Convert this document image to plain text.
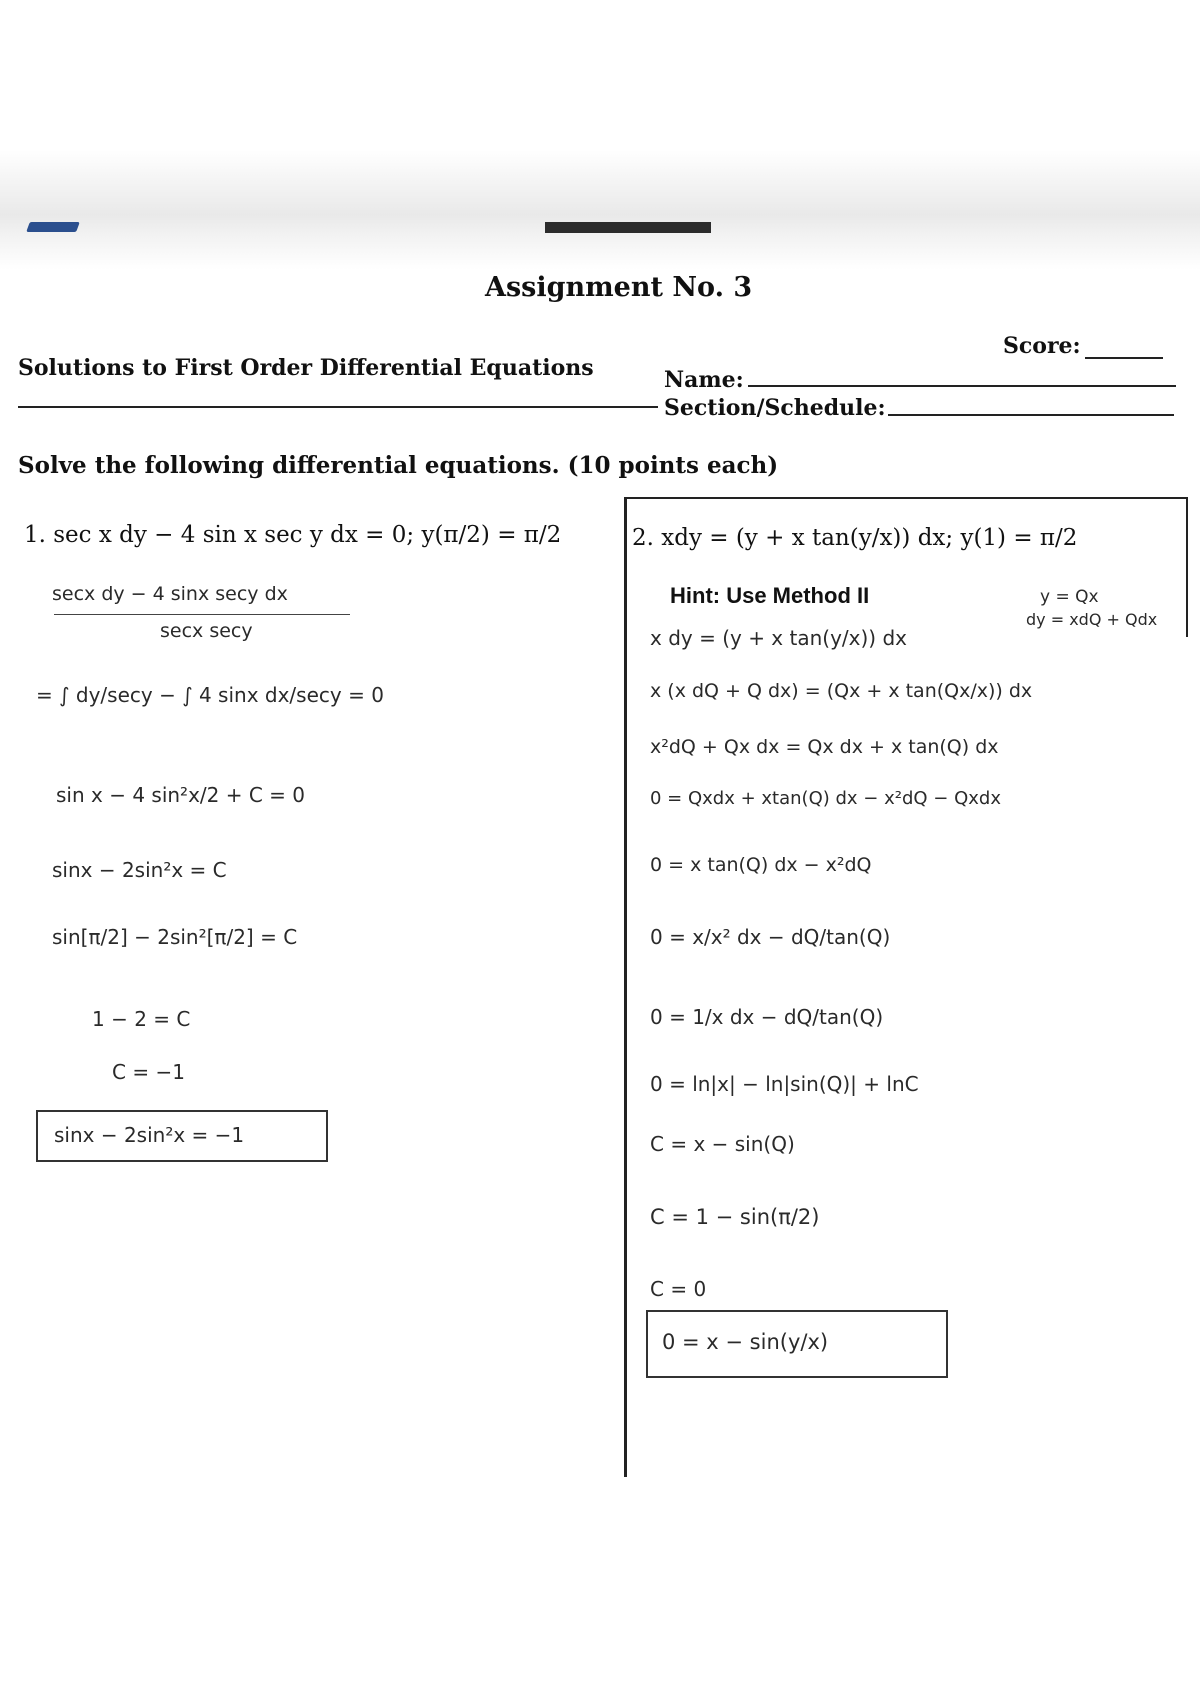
Assignment No. 3
Score:
Solutions to First Order Differential Equations	Name:
Section/Schedule:
Solve the following differential equations. (10 points each)
1. sec x dy − 4 sin x sec y dx = 0; y(π/2) = π/2
secx dy − 4 sinx secy dx
secx secy
= ∫ dy/secy − ∫ 4 sinx dx/secy = 0
sin x − 4 sin²x/2 + C = 0
sinx − 2sin²x = C
sin[π/2] − 2sin²[π/2] = C
1 − 2 = C
C = −1
sinx − 2sin²x = −1
2. xdy = (y + x tan(y/x)) dx; y(1) = π/2
Hint: Use Method II	y = Qx
dy = xdQ + Qdx
x dy = (y + x tan(y/x)) dx
x (x dQ + Q dx) = (Qx + x tan(Qx/x)) dx
x²dQ + Qx dx = Qx dx + x tan(Q) dx
0 = Qxdx + xtan(Q) dx − x²dQ − Qxdx
0 = x tan(Q) dx − x²dQ
0 = x/x² dx − dQ/tan(Q)
0 = 1/x dx − dQ/tan(Q)
0 = ln|x| − ln|sin(Q)| + lnC
C = x − sin(Q)
C = 1 − sin(π/2)
C = 0
0 = x − sin(y/x)
